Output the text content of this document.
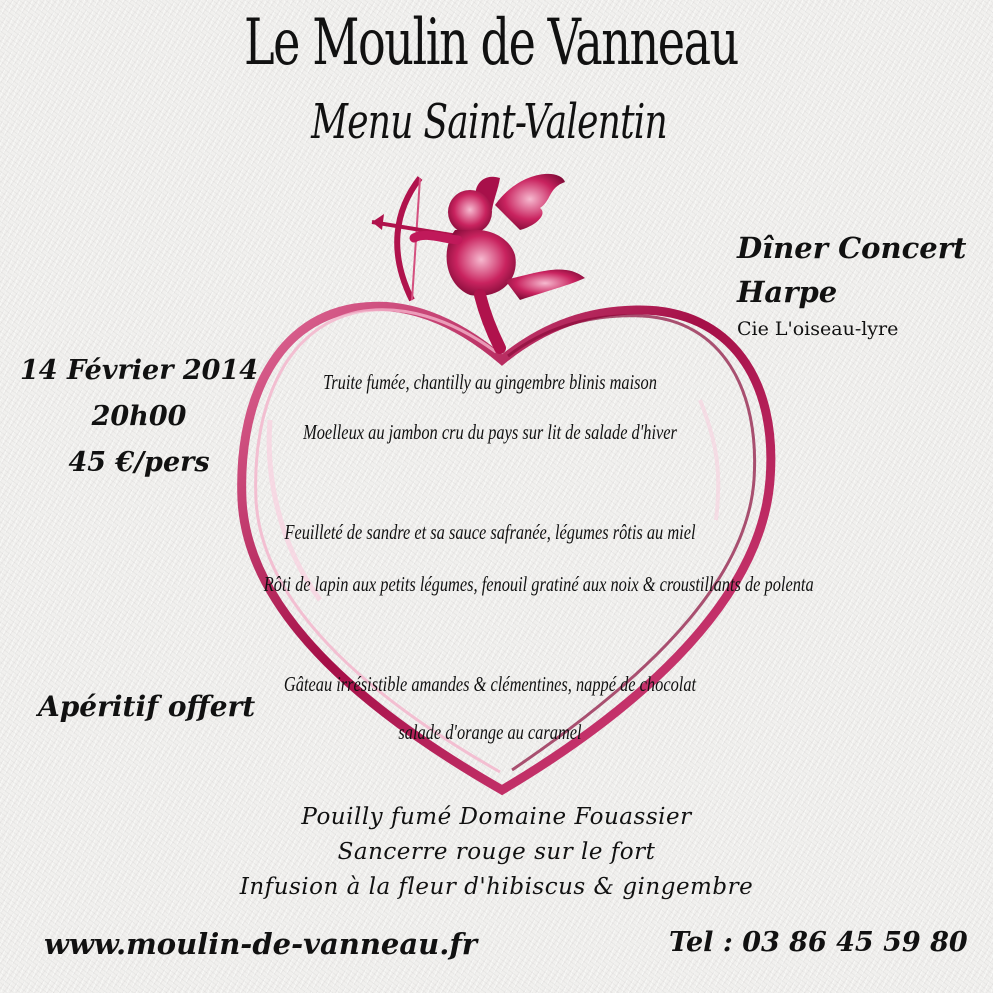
Le Moulin de Vanneau
Menu Saint-Valentin
Dîner Concert
Harpe
Cie L'oiseau-lyre
14 Février 2014
20h00
45 €/pers
Apéritif offert
Truite fumée, chantilly au gingembre blinis maison
Moelleux au jambon cru du pays sur lit de salade d'hiver
Feuilleté de sandre et sa sauce safranée, légumes rôtis au miel
Rôti de lapin aux petits légumes, fenouil gratiné aux noix & croustillants de polenta
Gâteau irrésistible amandes & clémentines, nappé de chocolat
salade d'orange au caramel
Pouilly fumé Domaine Fouassier
Sancerre rouge sur le fort
Infusion à la fleur d'hibiscus & gingembre
www.moulin-de-vanneau.fr	Tel : 03 86 45 59 80
